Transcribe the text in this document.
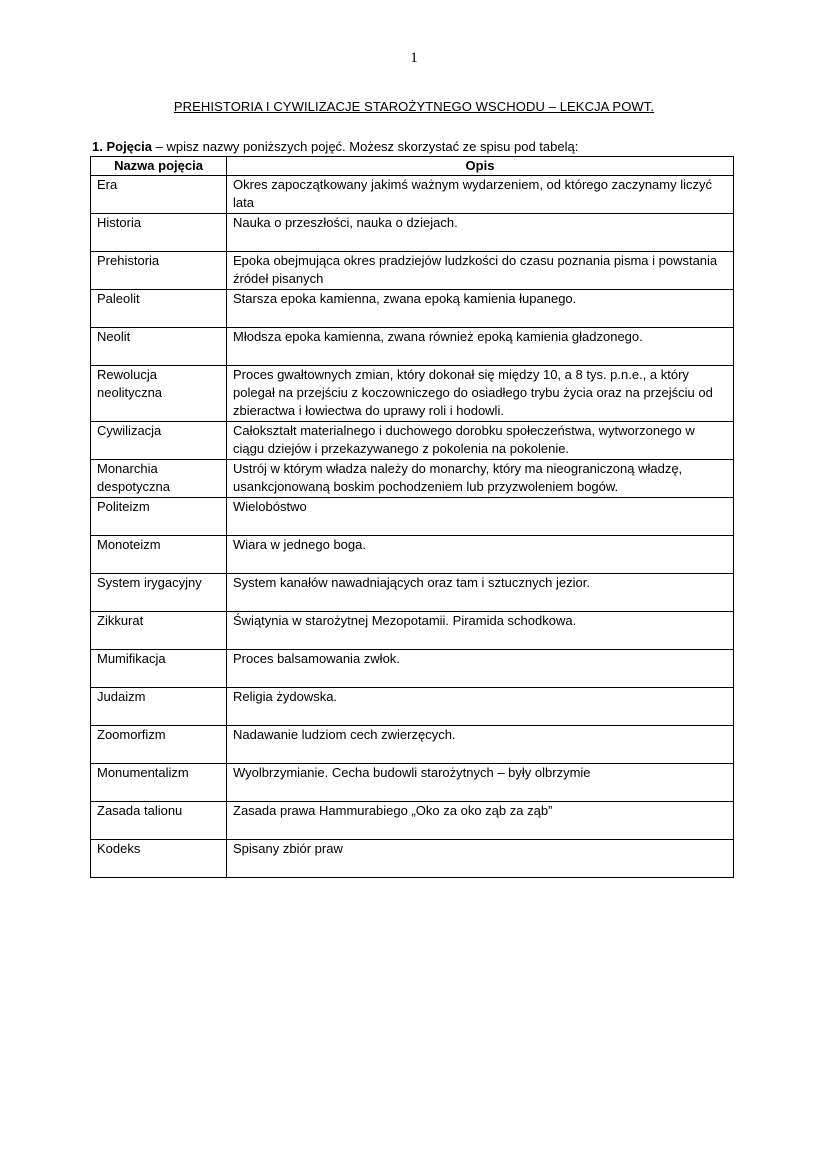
1
PREHISTORIA I CYWILIZACJE STAROŻYTNEGO WSCHODU – LEKCJA POWT.
1. Pojęcia – wpisz nazwy poniższych pojęć. Możesz skorzystać ze spisu pod tabelą:
Nazwa pojęcia	Opis
Era	Okres zapoczątkowany jakimś ważnym wydarzeniem, od którego zaczynamy liczyć lata
Historia	Nauka o przeszłości, nauka o dziejach.
Prehistoria	Epoka obejmująca okres pradziejów ludzkości do czasu poznania pisma i powstania źródeł pisanych
Paleolit	Starsza epoka kamienna, zwana epoką kamienia łupanego.
Neolit	Młodsza epoka kamienna, zwana również epoką kamienia gładzonego.
Rewolucja neolityczna	Proces gwałtownych zmian, który dokonał się między 10, a 8 tys. p.n.e., a który polegał na przejściu z koczowniczego do osiadłego trybu życia oraz na przejściu od zbieractwa i łowiectwa do uprawy roli i hodowli.
Cywilizacja	Całokształt materialnego i duchowego dorobku społeczeństwa, wytworzonego w ciągu dziejów i przekazywanego z pokolenia na pokolenie.
Monarchia despotyczna	Ustrój w którym władza należy do monarchy, który ma nieograniczoną władzę, usankcjonowaną boskim pochodzeniem lub przyzwoleniem bogów.
Politeizm	Wielobóstwo
Monoteizm	Wiara w jednego boga.
System irygacyjny	System kanałów nawadniających oraz tam i sztucznych jezior.
Zikkurat	Świątynia w starożytnej Mezopotamii. Piramida schodkowa.
Mumifikacja	Proces balsamowania zwłok.
Judaizm	Religia żydowska.
Zoomorfizm	Nadawanie ludziom cech zwierzęcych.
Monumentalizm	Wyolbrzymianie. Cecha budowli starożytnych – były olbrzymie
Zasada talionu	Zasada prawa Hammurabiego „Oko za oko ząb za ząb”
Kodeks	Spisany zbiór praw
